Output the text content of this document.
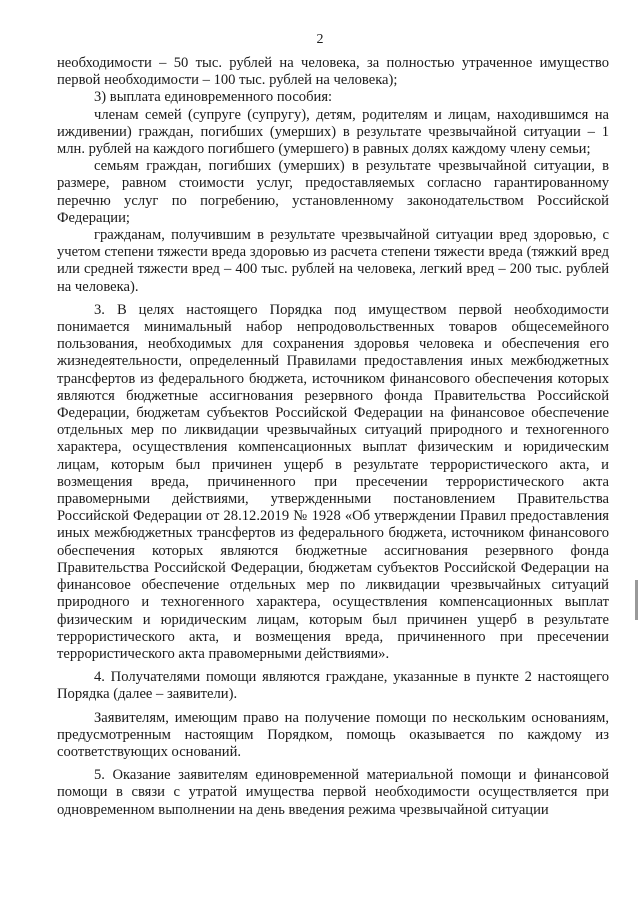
2

необходимости – 50 тыс. рублей на человека, за полностью утраченное имущество первой необходимости – 100 тыс. рублей на человека);

3) выплата единовременного пособия:

членам семей (супруге (супругу), детям, родителям и лицам, находившимся на иждивении) граждан, погибших (умерших) в результате чрезвычайной ситуации – 1 млн. рублей на каждого погибшего (умершего) в равных долях каждому члену семьи;

семьям граждан, погибших (умерших) в результате чрезвычайной ситуации, в размере, равном стоимости услуг, предоставляемых согласно гарантированному перечню услуг по погребению, установленному законодательством Российской Федерации;

гражданам, получившим в результате чрезвычайной ситуации вред здоровью, с учетом степени тяжести вреда здоровью из расчета степени тяжести вреда (тяжкий вред или средней тяжести вред – 400 тыс. рублей на человека, легкий вред – 200 тыс. рублей на человека).

3. В целях настоящего Порядка под имуществом первой необходимости понимается минимальный набор непродовольственных товаров общесемейного пользования, необходимых для сохранения здоровья человека и обеспечения его жизнедеятельности, определенный Правилами предоставления иных межбюджетных трансфертов из федерального бюджета, источником финансового обеспечения которых являются бюджетные ассигнования резервного фонда Правительства Российской Федерации, бюджетам субъектов Российской Федерации на финансовое обеспечение отдельных мер по ликвидации чрезвычайных ситуаций природного и техногенного характера, осуществления компенсационных выплат физическим и юридическим лицам, которым был причинен ущерб в результате террористического акта, и возмещения вреда, причиненного при пресечении террористического акта правомерными действиями, утвержденными постановлением Правительства Российской Федерации от 28.12.2019 № 1928 «Об утверждении Правил предоставления иных межбюджетных трансфертов из федерального бюджета, источником финансового обеспечения которых являются бюджетные ассигнования резервного фонда Правительства Российской Федерации, бюджетам субъектов Российской Федерации на финансовое обеспечение отдельных мер по ликвидации чрезвычайных ситуаций природного и техногенного характера, осуществления компенсационных выплат физическим и юридическим лицам, которым был причинен ущерб в результате террористического акта, и возмещения вреда, причиненного при пресечении террористического акта правомерными действиями».

4. Получателями помощи являются граждане, указанные в пункте 2 настоящего Порядка (далее – заявители).

Заявителям, имеющим право на получение помощи по нескольким основаниям, предусмотренным настоящим Порядком, помощь оказывается по каждому из соответствующих оснований.

5. Оказание заявителям единовременной материальной помощи и финансовой помощи в связи с утратой имущества первой необходимости осуществляется при одновременном выполнении на день введения режима чрезвычайной ситуации
